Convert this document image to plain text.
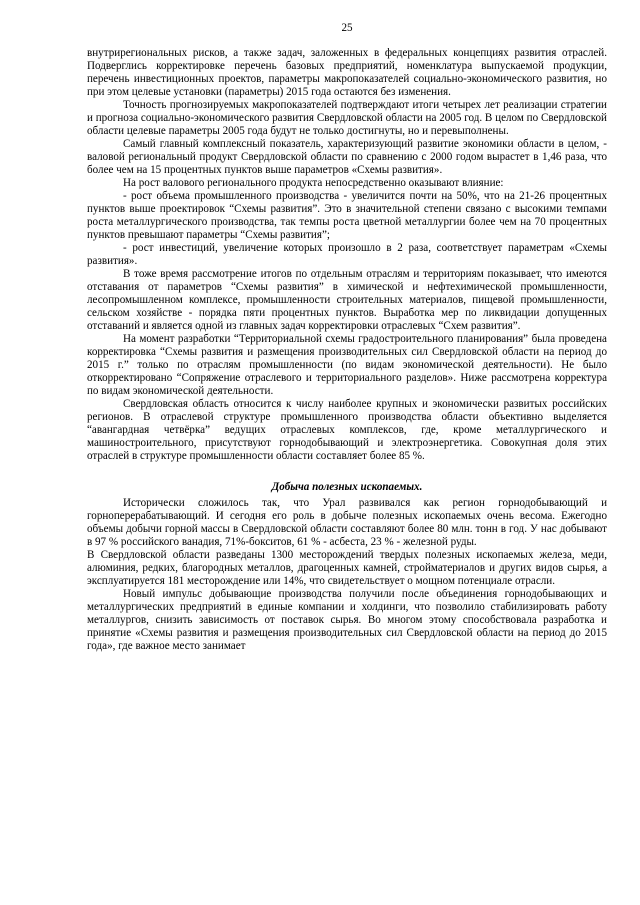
25

внутрирегиональных рисков, а также задач, заложенных в федеральных концепциях развития отраслей. Подверглись корректировке перечень базовых предприятий, номенклатура выпускаемой продукции, перечень инвестиционных проектов, параметры макропоказателей социально-экономического развития, но при этом целевые установки (параметры) 2015 года остаются без изменения.

Точность прогнозируемых макропоказателей подтверждают итоги четырех лет реализации стратегии и прогноза социально-экономического развития Свердловской области на 2005 год. В целом по Свердловской области целевые параметры 2005 года будут не только достигнуты, но и перевыполнены.

Самый главный комплексный показатель, характеризующий развитие экономики области в целом, - валовой региональный продукт Свердловской области по сравнению с 2000 годом вырастет в 1,46 раза, что более чем на 15 процентных пунктов выше параметров «Схемы развития».

На рост валового регионального продукта непосредственно оказывают влияние:

- рост объема промышленного производства - увеличится почти на 50%, что на 21-26 процентных пунктов выше проектировок “Схемы развития”. Это в значительной степени связано с высокими темпами роста металлургического производства, так темпы роста цветной металлургии более чем на 70 процентных пунктов превышают параметры “Схемы развития”;

- рост инвестиций, увеличение которых произошло в 2 раза, соответствует параметрам «Схемы развития».

В тоже время рассмотрение итогов по отдельным отраслям и территориям показывает, что имеются отставания от параметров “Схемы развития” в химической и нефтехимической промышленности, лесопромышленном комплексе, промышленности строительных материалов, пищевой промышленности, сельском хозяйстве - порядка пяти процентных пунктов. Выработка мер по ликвидации допущенных отставаний и является одной из главных задач корректировки отраслевых “Схем развития”.

На момент разработки “Территориальной схемы градостроительного планирования” была проведена корректировка “Схемы развития и размещения производительных сил Свердловской области на период до 2015 г.” только по отраслям промышленности (по видам экономической деятельности). Не было откорректировано “Сопряжение отраслевого и территориального разделов». Ниже рассмотрена корректура по видам экономической деятельности.

Свердловская область относится к числу наиболее крупных и экономически развитых российских регионов. В отраслевой структуре промышленного производства области объективно выделяется “авангардная четвёрка” ведущих отраслевых комплексов, где, кроме металлургического и машиностроительного, присутствуют горнодобывающий и электроэнергетика. Совокупная доля этих отраслей в структуре промышленности области составляет более 85 %.

Добыча полезных ископаемых.

Исторически сложилось так, что Урал развивался как регион горнодобывающий и горноперерабатывающий. И сегодня его роль в добыче полезных ископаемых очень весома. Ежегодно объемы добычи горной массы в Свердловской области составляют более 80 млн. тонн в год. У нас добывают в 97 % российского ванадия, 71%-бокситов, 61 % - асбеста, 23 % - железной руды.

В Свердловской области разведаны 1300 месторождений твердых полезных ископаемых железа, меди, алюминия, редких, благородных металлов, драгоценных камней, стройматериалов и других видов сырья, а эксплуатируется 181 месторождение или 14%, что свидетельствует о мощном потенциале отрасли.

Новый импульс добывающие производства получили после объединения горнодобывающих и металлургических предприятий в единые компании и холдинги, что позволило стабилизировать работу металлургов, снизить зависимость от поставок сырья. Во многом этому способствовала разработка и принятие «Схемы развития и размещения производительных сил Свердловской области на период до 2015 года», где важное место занимает
